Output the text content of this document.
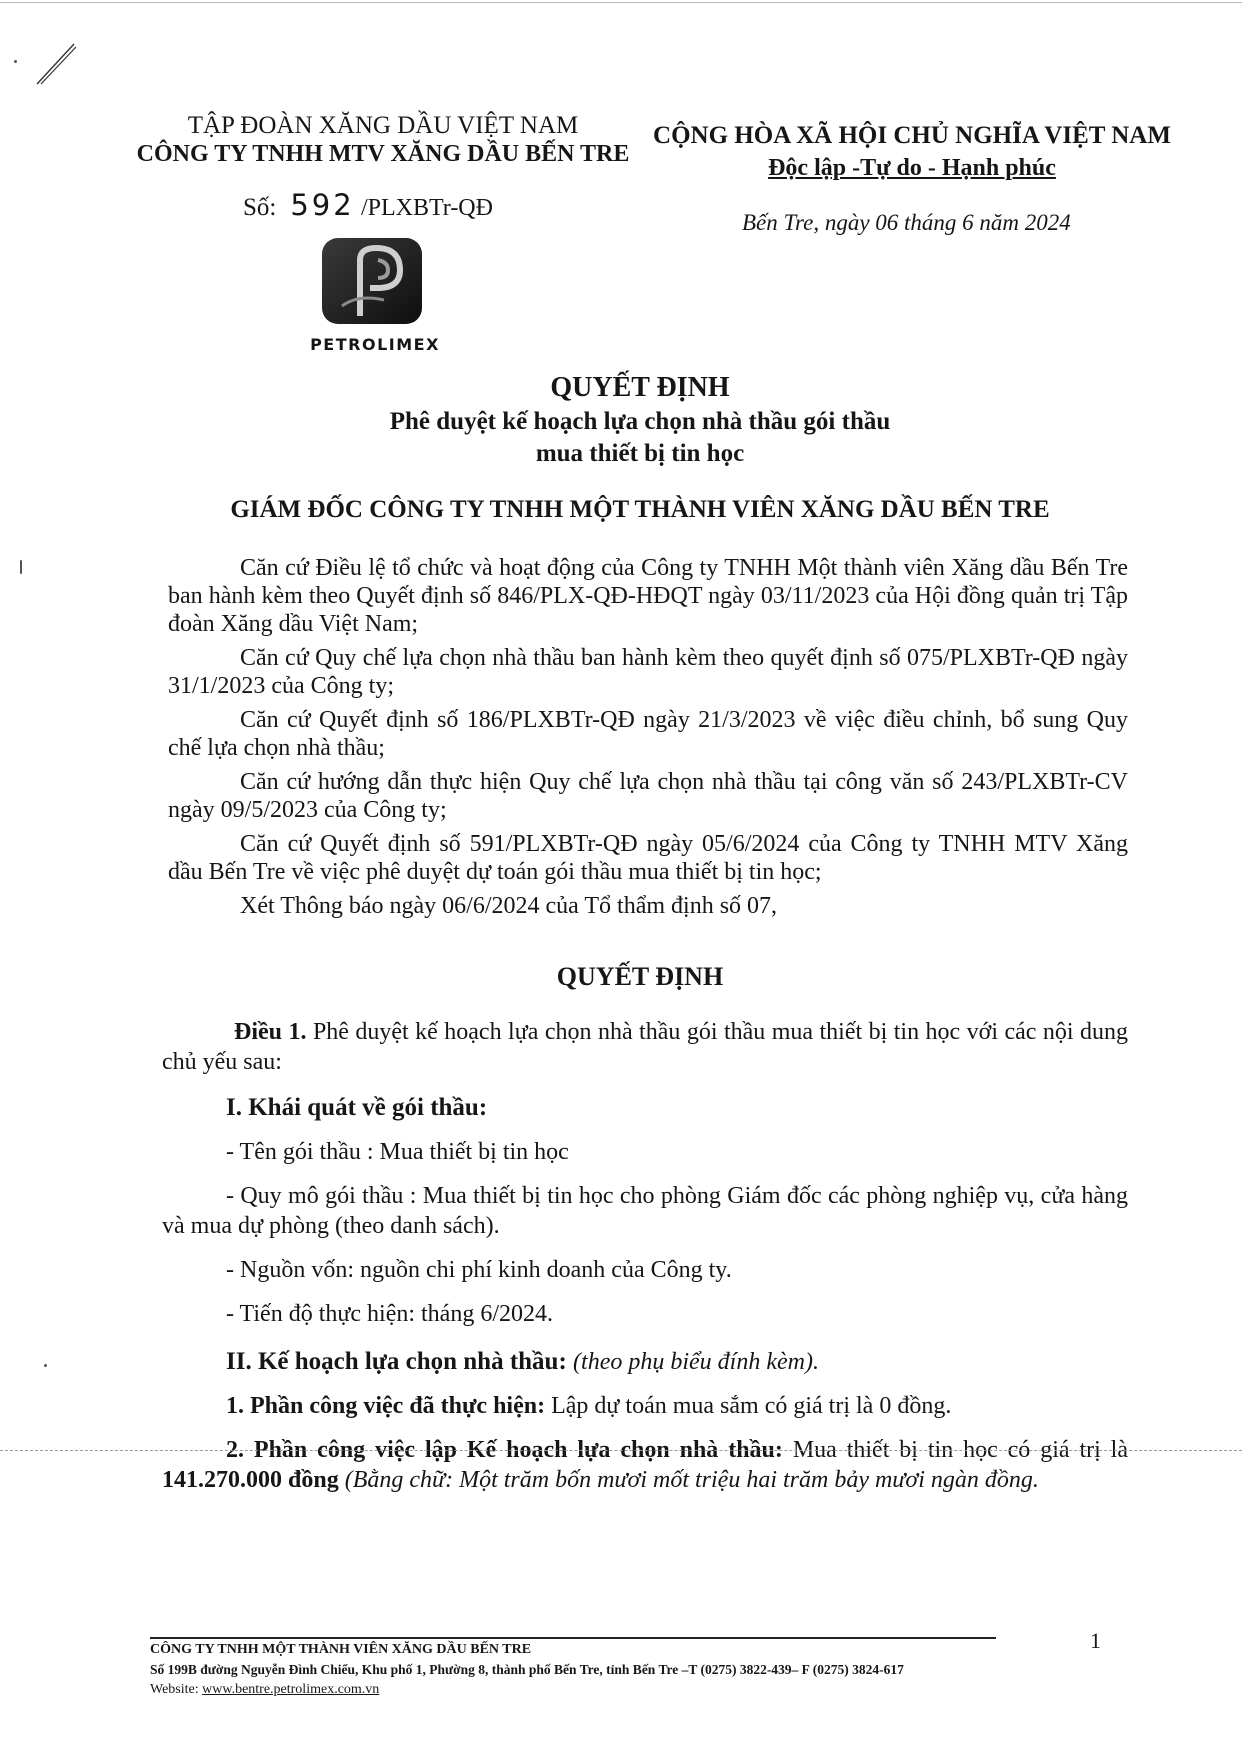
TẬP ĐOÀN XĂNG DẦU VIỆT NAM
CÔNG TY TNHH MTV XĂNG DẦU BẾN TRE
CỘNG HÒA XÃ HỘI CHỦ NGHĨA VIỆT NAM
Độc lập -Tự do - Hạnh phúc
Số: 592 /PLXBTr-QĐ
Bến Tre, ngày 06 tháng 6 năm 2024
PETROLIMEX
QUYẾT ĐỊNH
Phê duyệt kế hoạch lựa chọn nhà thầu gói thầu
mua thiết bị tin học
GIÁM ĐỐC CÔNG TY TNHH MỘT THÀNH VIÊN XĂNG DẦU BẾN TRE

Căn cứ Điều lệ tổ chức và hoạt động của Công ty TNHH Một thành viên Xăng dầu Bến Tre ban hành kèm theo Quyết định số 846/PLX-QĐ-HĐQT ngày 03/11/2023 của Hội đồng quản trị Tập đoàn Xăng dầu Việt Nam;

Căn cứ Quy chế lựa chọn nhà thầu ban hành kèm theo quyết định số 075/PLXBTr-QĐ ngày 31/1/2023 của Công ty;

Căn cứ Quyết định số 186/PLXBTr-QĐ ngày 21/3/2023 về việc điều chỉnh, bổ sung Quy chế lựa chọn nhà thầu;

Căn cứ hướng dẫn thực hiện Quy chế lựa chọn nhà thầu tại công văn số 243/PLXBTr-CV ngày 09/5/2023 của Công ty;

Căn cứ Quyết định số 591/PLXBTr-QĐ ngày 05/6/2024 của Công ty TNHH MTV Xăng dầu Bến Tre về việc phê duyệt dự toán gói thầu mua thiết bị tin học;

Xét Thông báo ngày 06/6/2024 của Tổ thẩm định số 07,

QUYẾT ĐỊNH

Điều 1. Phê duyệt kế hoạch lựa chọn nhà thầu gói thầu mua thiết bị tin học với các nội dung chủ yếu sau:

I. Khái quát về gói thầu:

- Tên gói thầu : Mua thiết bị tin học

- Quy mô gói thầu : Mua thiết bị tin học cho phòng Giám đốc các phòng nghiệp vụ, cửa hàng và mua dự phòng (theo danh sách).

- Nguồn vốn: nguồn chi phí kinh doanh của Công ty.

- Tiến độ thực hiện: tháng 6/2024.

II. Kế hoạch lựa chọn nhà thầu: (theo phụ biểu đính kèm).

1. Phần công việc đã thực hiện: Lập dự toán mua sắm có giá trị là 0 đồng.

2. Phần công việc lập Kế hoạch lựa chọn nhà thầu: Mua thiết bị tin học có giá trị là 141.270.000 đồng (Bằng chữ: Một trăm bốn mươi mốt triệu hai trăm bảy mươi ngàn đồng.

1
CÔNG TY TNHH MỘT THÀNH VIÊN XĂNG DẦU BẾN TRE
Số 199B đường Nguyễn Đình Chiểu, Khu phố 1, Phường 8, thành phố Bến Tre, tỉnh Bến Tre –T (0275) 3822-439– F (0275) 3824-617
Website: www.bentre.petrolimex.com.vn
